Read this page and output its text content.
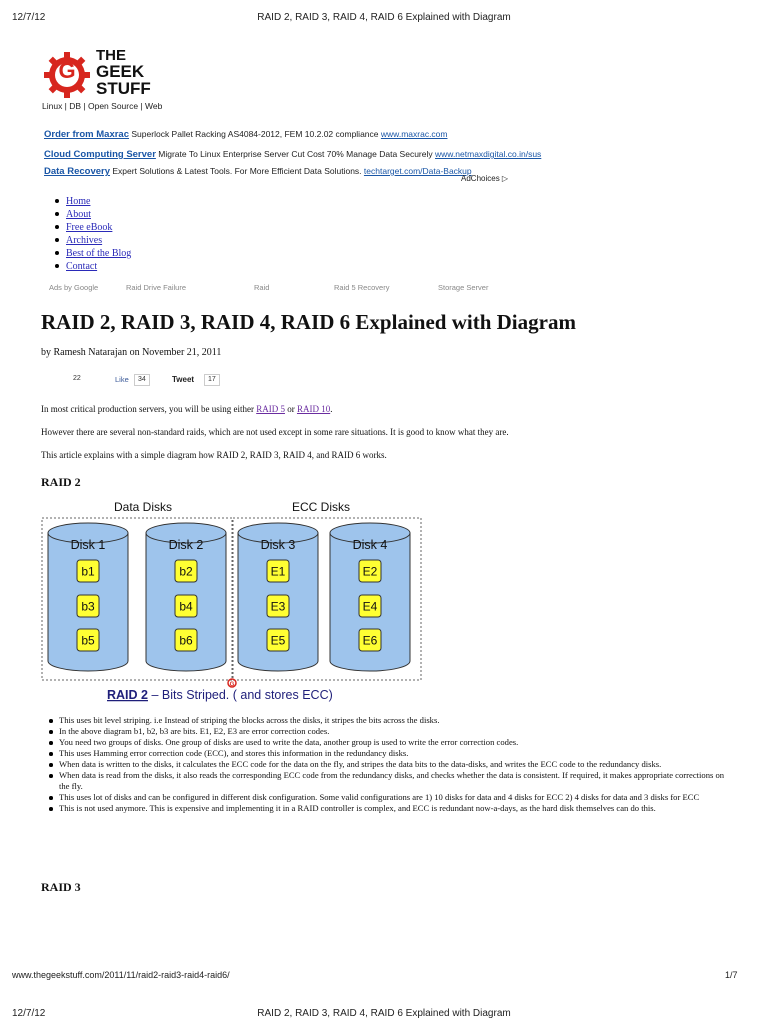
12/7/12	RAID 2, RAID 3, RAID 4, RAID 6 Explained with Diagram
G
THE
GEEK
STUFF
Linux | DB | Open Source | Web
Order from Maxrac Superlock Pallet Racking AS4084-2012, FEM 10.2.02 compliance www.maxrac.com
Cloud Computing Server Migrate To Linux Enterprise Server Cut Cost 70% Manage Data Securely www.netmaxdigital.co.in/sus
Data Recovery Expert Solutions & Latest Tools. For More Efficient Data Solutions. techtarget.com/Data-Backup
AdChoices ▷
Home
About
Free eBook
Archives
Best of the Blog
Contact
Ads by Google	Raid Drive Failure	Raid	Raid 5 Recovery	Storage Server
RAID 2, RAID 3, RAID 4, RAID 6 Explained with Diagram
by Ramesh Natarajan on November 21, 2011
22	Like	34	Tweet	17
In most critical production servers, you will be using either RAID 5 or RAID 10.
However there are several non-standard raids, which are not used except in some rare situations. It is good to know what they are.
This article explains with a simple diagram how RAID 2, RAID 3, RAID 4, and RAID 6 works.
RAID 2
Data Disks	ECC Disks
Disk 1
b1
b3
b5
Disk 2
b2
b4
b6
Disk 3
E1
E3
E5
Disk 4
E2
E4
E6
G
RAID 2 – Bits Striped. ( and stores ECC)
This uses bit level striping. i.e Instead of striping the blocks across the disks, it stripes the bits across the disks.
In the above diagram b1, b2, b3 are bits. E1, E2, E3 are error correction codes.
You need two groups of disks. One group of disks are used to write the data, another group is used to write the error correction codes.
This uses Hamming error correction code (ECC), and stores this information in the redundancy disks.
When data is written to the disks, it calculates the ECC code for the data on the fly, and stripes the data bits to the data-disks, and writes the ECC code to the redundancy disks.
When data is read from the disks, it also reads the corresponding ECC code from the redundancy disks, and checks whether the data is consistent. If required, it makes appropriate corrections on the fly.
This uses lot of disks and can be configured in different disk configuration. Some valid configurations are 1) 10 disks for data and 4 disks for ECC 2) 4 disks for data and 3 disks for ECC
This is not used anymore. This is expensive and implementing it in a RAID controller is complex, and ECC is redundant now-a-days, as the hard disk themselves can do this.
RAID 3
www.thegeekstuff.com/2011/11/raid2-raid3-raid4-raid6/	1/7
12/7/12	RAID 2, RAID 3, RAID 4, RAID 6 Explained with Diagram
